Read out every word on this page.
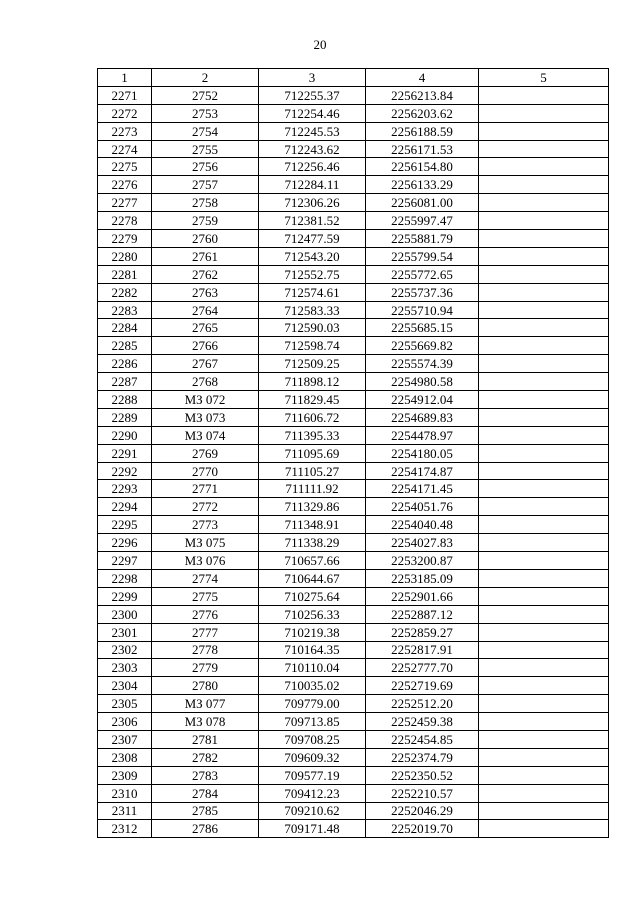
20
1	2	3	4	5
2271	2752	712255.37	2256213.84	
2272	2753	712254.46	2256203.62	
2273	2754	712245.53	2256188.59	
2274	2755	712243.62	2256171.53	
2275	2756	712256.46	2256154.80	
2276	2757	712284.11	2256133.29	
2277	2758	712306.26	2256081.00	
2278	2759	712381.52	2255997.47	
2279	2760	712477.59	2255881.79	
2280	2761	712543.20	2255799.54	
2281	2762	712552.75	2255772.65	
2282	2763	712574.61	2255737.36	
2283	2764	712583.33	2255710.94	
2284	2765	712590.03	2255685.15	
2285	2766	712598.74	2255669.82	
2286	2767	712509.25	2255574.39	
2287	2768	711898.12	2254980.58	
2288	МЗ 072	711829.45	2254912.04	
2289	МЗ 073	711606.72	2254689.83	
2290	МЗ 074	711395.33	2254478.97	
2291	2769	711095.69	2254180.05	
2292	2770	711105.27	2254174.87	
2293	2771	711111.92	2254171.45	
2294	2772	711329.86	2254051.76	
2295	2773	711348.91	2254040.48	
2296	МЗ 075	711338.29	2254027.83	
2297	МЗ 076	710657.66	2253200.87	
2298	2774	710644.67	2253185.09	
2299	2775	710275.64	2252901.66	
2300	2776	710256.33	2252887.12	
2301	2777	710219.38	2252859.27	
2302	2778	710164.35	2252817.91	
2303	2779	710110.04	2252777.70	
2304	2780	710035.02	2252719.69	
2305	МЗ 077	709779.00	2252512.20	
2306	МЗ 078	709713.85	2252459.38	
2307	2781	709708.25	2252454.85	
2308	2782	709609.32	2252374.79	
2309	2783	709577.19	2252350.52	
2310	2784	709412.23	2252210.57	
2311	2785	709210.62	2252046.29	
2312	2786	709171.48	2252019.70	
